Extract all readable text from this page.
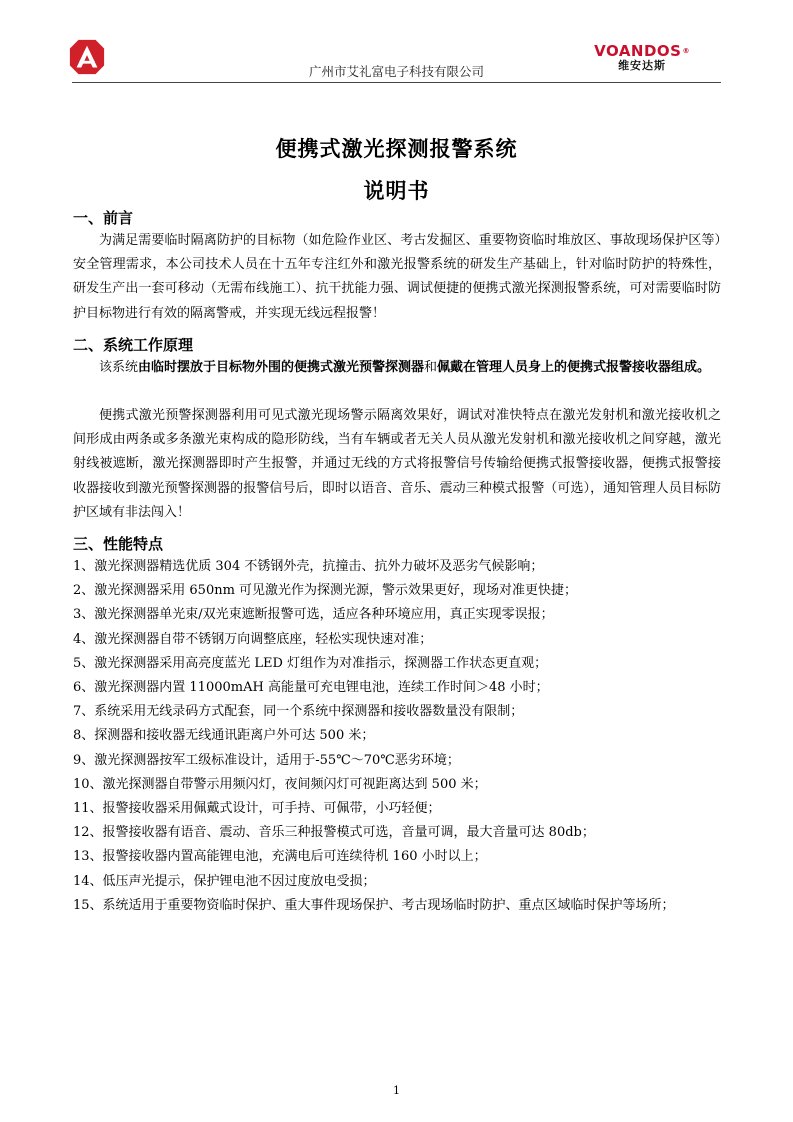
广州市艾礼富电子科技有限公司
VOANDOS®
维安达斯
便携式激光探测报警系统
说明书
一、前言

为满足需要临时隔离防护的目标物（如危险作业区、考古发掘区、重要物资临时堆放区、事故现场保护区等）安全管理需求，本公司技术人员在十五年专注红外和激光报警系统的研发生产基础上，针对临时防护的特殊性，研发生产出一套可移动（无需布线施工）、抗干扰能力强、调试便捷的便携式激光探测报警系统，可对需要临时防护目标物进行有效的隔离警戒，并实现无线远程报警！

二、系统工作原理

该系统由临时摆放于目标物外围的便携式激光预警探测器和佩戴在管理人员身上的便携式报警接收器组成。

便携式激光预警探测器利用可见式激光现场警示隔离效果好，调试对准快特点在激光发射机和激光接收机之间形成由两条或多条激光束构成的隐形防线，当有车辆或者无关人员从激光发射机和激光接收机之间穿越，激光射线被遮断，激光探测器即时产生报警，并通过无线的方式将报警信号传输给便携式报警接收器，便携式报警接收器接收到激光预警探测器的报警信号后，即时以语音、音乐、震动三种模式报警（可选），通知管理人员目标防护区域有非法闯入！

三、性能特点
1、激光探测器精选优质 304 不锈钢外壳，抗撞击、抗外力破坏及恶劣气候影响；
2、激光探测器采用 650nm 可见激光作为探测光源，警示效果更好，现场对准更快捷；
3、激光探测器单光束/双光束遮断报警可选，适应各种环境应用，真正实现零误报；
4、激光探测器自带不锈钢万向调整底座，轻松实现快速对准；
5、激光探测器采用高亮度蓝光 LED 灯组作为对准指示，探测器工作状态更直观；
6、激光探测器内置 11000mAH 高能量可充电锂电池，连续工作时间＞48 小时；
7、系统采用无线录码方式配套，同一个系统中探测器和接收器数量没有限制；
8、探测器和接收器无线通讯距离户外可达 500 米；
9、激光探测器按军工级标准设计，适用于-55℃～70℃恶劣环境；
10、激光探测器自带警示用频闪灯，夜间频闪灯可视距离达到 500 米；
11、报警接收器采用佩戴式设计，可手持、可佩带，小巧轻便；
12、报警接收器有语音、震动、音乐三种报警模式可选，音量可调，最大音量可达 80db；
13、报警接收器内置高能锂电池，充满电后可连续待机 160 小时以上；
14、低压声光提示，保护锂电池不因过度放电受损；
15、系统适用于重要物资临时保护、重大事件现场保护、考古现场临时防护、重点区域临时保护等场所；
1
